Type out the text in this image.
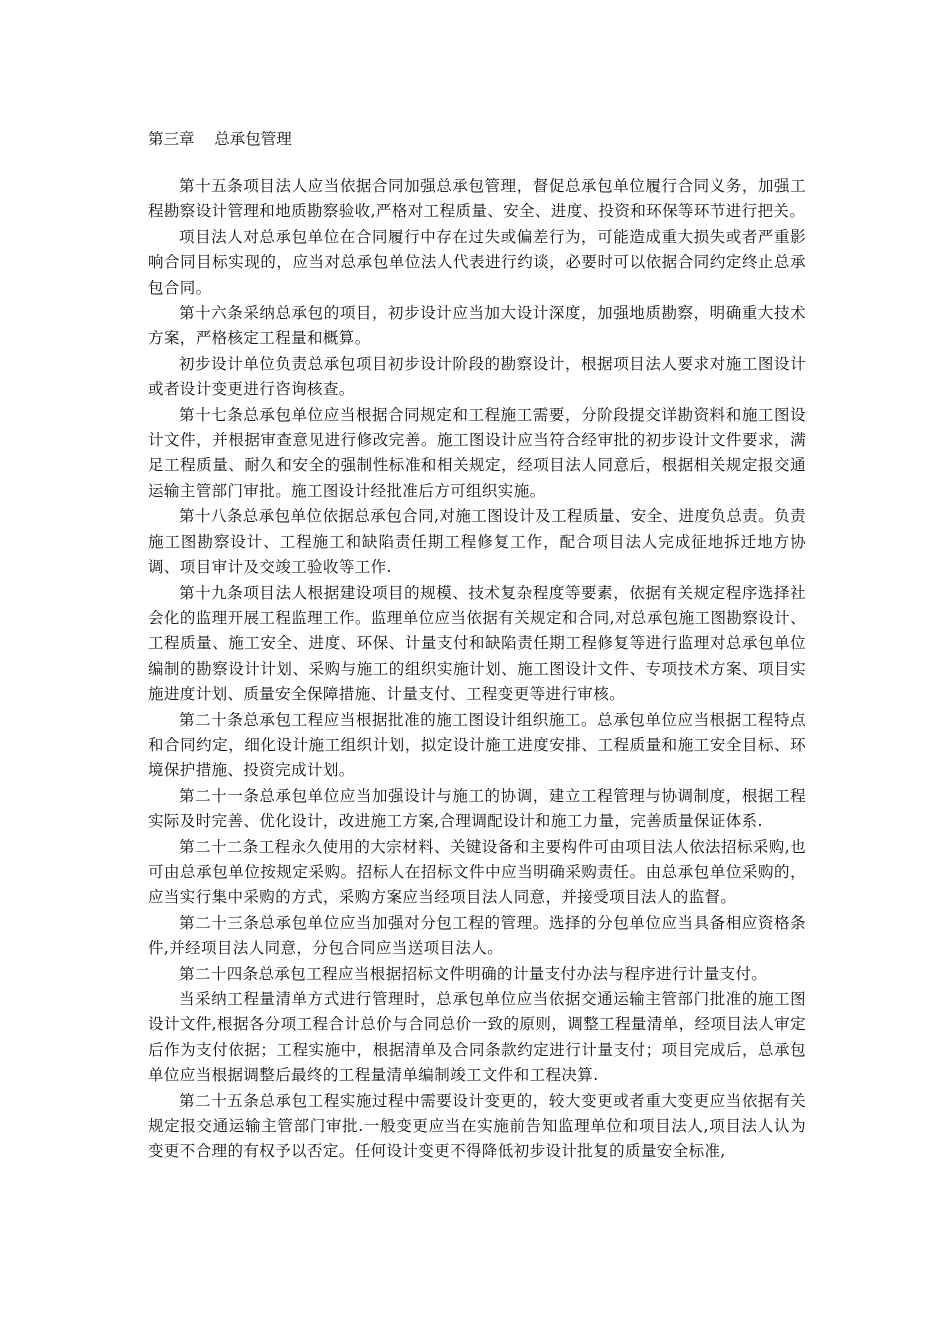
第三章    总承包管理

第十五条项目法人应当依据合同加强总承包管理，督促总承包单位履行合同义务，加强工程勘察设计管理和地质勘察验收,严格对工程质量、安全、进度、投资和环保等环节进行把关。

项目法人对总承包单位在合同履行中存在过失或偏差行为，可能造成重大损失或者严重影响合同目标实现的，应当对总承包单位法人代表进行约谈，必要时可以依据合同约定终止总承包合同。

第十六条采纳总承包的项目，初步设计应当加大设计深度，加强地质勘察，明确重大技术方案，严格核定工程量和概算。

初步设计单位负责总承包项目初步设计阶段的勘察设计，根据项目法人要求对施工图设计或者设计变更进行咨询核查。

第十七条总承包单位应当根据合同规定和工程施工需要，分阶段提交详勘资料和施工图设计文件，并根据审查意见进行修改完善。施工图设计应当符合经审批的初步设计文件要求，满足工程质量、耐久和安全的强制性标准和相关规定，经项目法人同意后，根据相关规定报交通运输主管部门审批。施工图设计经批准后方可组织实施。

第十八条总承包单位依据总承包合同,对施工图设计及工程质量、安全、进度负总责。负责施工图勘察设计、工程施工和缺陷责任期工程修复工作，配合项目法人完成征地拆迁地方协调、项目审计及交竣工验收等工作.

第十九条项目法人根据建设项目的规模、技术复杂程度等要素，依据有关规定程序选择社会化的监理开展工程监理工作。监理单位应当依据有关规定和合同,对总承包施工图勘察设计、工程质量、施工安全、进度、环保、计量支付和缺陷责任期工程修复等进行监理对总承包单位编制的勘察设计计划、采购与施工的组织实施计划、施工图设计文件、专项技术方案、项目实施进度计划、质量安全保障措施、计量支付、工程变更等进行审核。

第二十条总承包工程应当根据批准的施工图设计组织施工。总承包单位应当根据工程特点和合同约定，细化设计施工组织计划，拟定设计施工进度安排、工程质量和施工安全目标、环境保护措施、投资完成计划。

第二十一条总承包单位应当加强设计与施工的协调，建立工程管理与协调制度，根据工程实际及时完善、优化设计，改进施工方案,合理调配设计和施工力量，完善质量保证体系.

第二十二条工程永久使用的大宗材料、关键设备和主要构件可由项目法人依法招标采购,也可由总承包单位按规定采购。招标人在招标文件中应当明确采购责任。由总承包单位采购的，应当实行集中采购的方式，采购方案应当经项目法人同意，并接受项目法人的监督。

第二十三条总承包单位应当加强对分包工程的管理。选择的分包单位应当具备相应资格条件,并经项目法人同意，分包合同应当送项目法人。

第二十四条总承包工程应当根据招标文件明确的计量支付办法与程序进行计量支付。

当采纳工程量清单方式进行管理时，总承包单位应当依据交通运输主管部门批准的施工图设计文件,根据各分项工程合计总价与合同总价一致的原则，调整工程量清单，经项目法人审定后作为支付依据；工程实施中，根据清单及合同条款约定进行计量支付；项目完成后，总承包单位应当根据调整后最终的工程量清单编制竣工文件和工程决算.

第二十五条总承包工程实施过程中需要设计变更的，较大变更或者重大变更应当依据有关规定报交通运输主管部门审批.一般变更应当在实施前告知监理单位和项目法人,项目法人认为变更不合理的有权予以否定。任何设计变更不得降低初步设计批复的质量安全标准,
